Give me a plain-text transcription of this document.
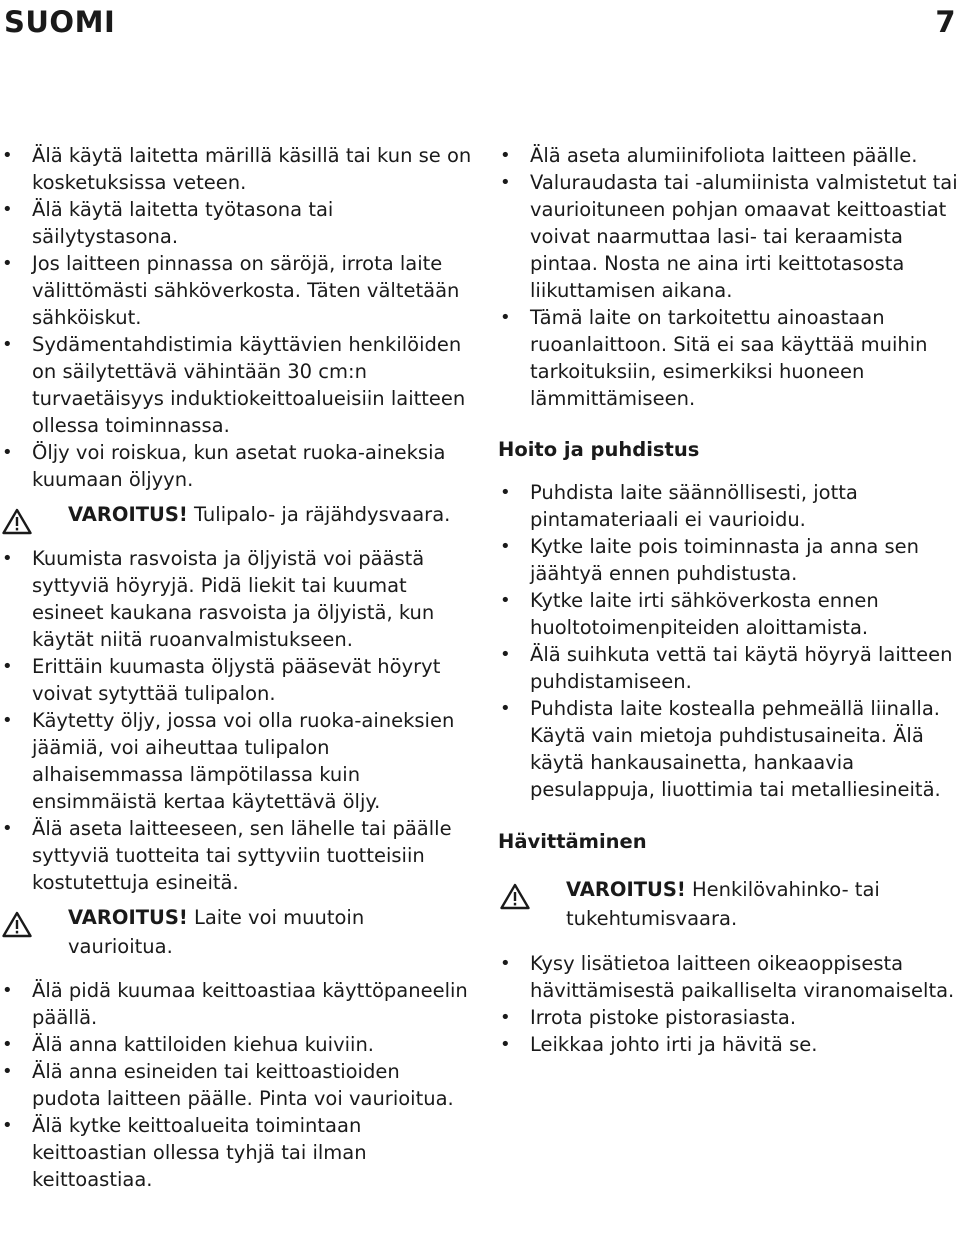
SUOMI	7
• Älä käytä laitetta märillä käsillä tai kun se on kosketuksissa veteen.
• Älä käytä laitetta työtasona tai säilytystasona.
• Jos laitteen pinnassa on säröjä, irrota laite välittömästi sähköverkosta. Täten vältetään sähköiskut.
• Sydämentahdistimia käyttävien henkilöiden on säilytettävä vähintään 30 cm:n turvaetäisyys induktiokeittoalueisiin laitteen ollessa toiminnassa.
• Öljy voi roiskua, kun asetat ruoka-aineksia kuumaan öljyyn.
VAROITUS! Tulipalo- ja räjähdysvaara.
• Kuumista rasvoista ja öljyistä voi päästä syttyviä höyryjä. Pidä liekit tai kuumat esineet kaukana rasvoista ja öljyistä, kun käytät niitä ruoanvalmistukseen.
• Erittäin kuumasta öljystä pääsevät höyryt voivat sytyttää tulipalon.
• Käytetty öljy, jossa voi olla ruoka-aineksien jäämiä, voi aiheuttaa tulipalon alhaisemmassa lämpötilassa kuin ensimmäistä kertaa käytettävä öljy.
• Älä aseta laitteeseen, sen lähelle tai päälle syttyviä tuotteita tai syttyviin tuotteisiin kostutettuja esineitä.
VAROITUS! Laite voi muutoin vaurioitua.
• Älä pidä kuumaa keittoastiaa käyttöpaneelin päällä.
• Älä anna kattiloiden kiehua kuiviin.
• Älä anna esineiden tai keittoastioiden pudota laitteen päälle. Pinta voi vaurioitua.
• Älä kytke keittoalueita toimintaan keittoastian ollessa tyhjä tai ilman keittoastiaa.
• Älä aseta alumiinifoliota laitteen päälle.
• Valuraudasta tai -alumiinista valmistetut tai vaurioituneen pohjan omaavat keittoastiat voivat naarmuttaa lasi- tai keraamista pintaa. Nosta ne aina irti keittotasosta liikuttamisen aikana.
• Tämä laite on tarkoitettu ainoastaan ruoanlaittoon. Sitä ei saa käyttää muihin tarkoituksiin, esimerkiksi huoneen lämmittämiseen.
Hoito ja puhdistus
• Puhdista laite säännöllisesti, jotta pintamateriaali ei vaurioidu.
• Kytke laite pois toiminnasta ja anna sen jäähtyä ennen puhdistusta.
• Kytke laite irti sähköverkosta ennen huoltotoimenpiteiden aloittamista.
• Älä suihkuta vettä tai käytä höyryä laitteen puhdistamiseen.
• Puhdista laite kostealla pehmeällä liinalla. Käytä vain mietoja puhdistusaineita. Älä käytä hankausainetta, hankaavia pesulappuja, liuottimia tai metalliesineitä.
Hävittäminen
VAROITUS! Henkilövahinko- tai tukehtumisvaara.
• Kysy lisätietoa laitteen oikeaoppisesta hävittämisestä paikalliselta viranomaiselta.
• Irrota pistoke pistorasiasta.
• Leikkaa johto irti ja hävitä se.
